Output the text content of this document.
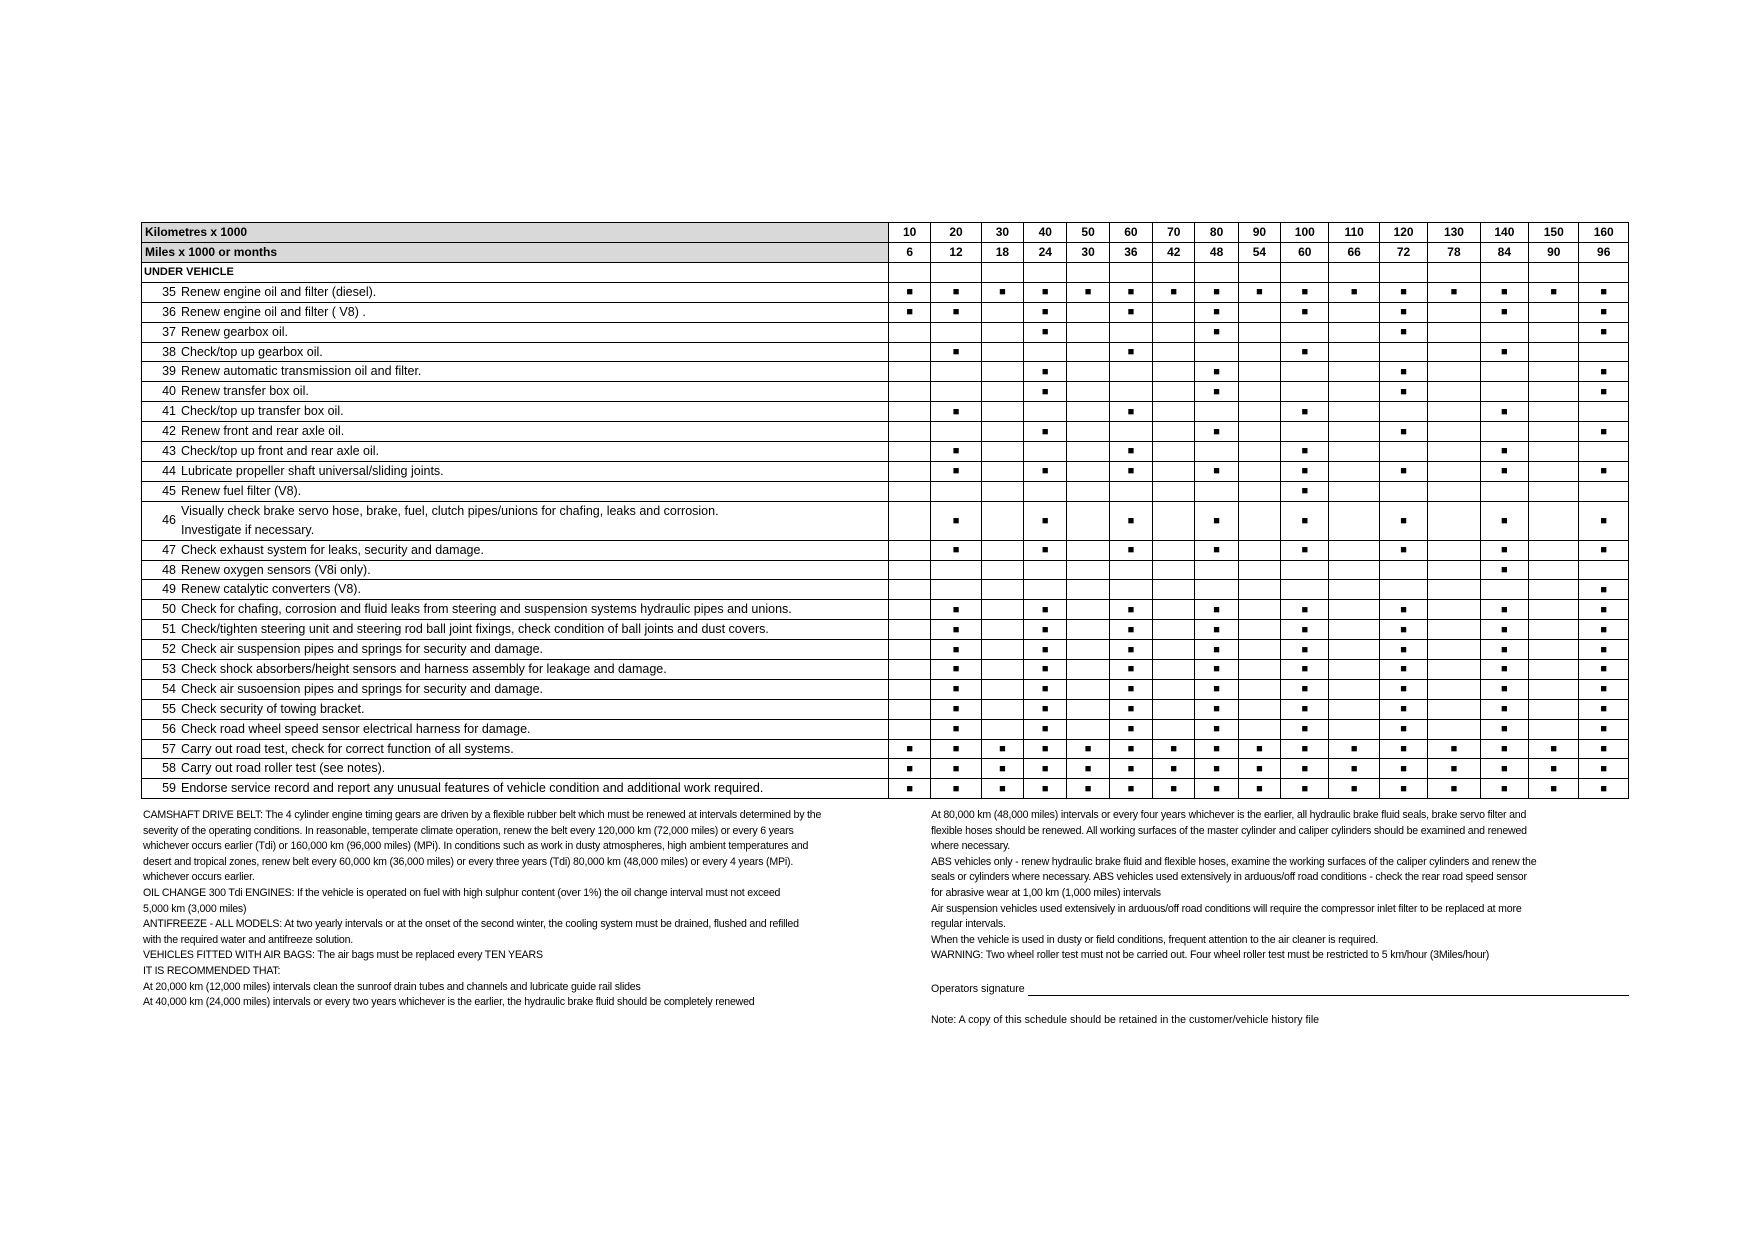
Kilometres x 1000	10	20	30	40	50	60	70	80	90	100	110	120	130	140	150	160
Miles x 1000 or months	6	12	18	24	30	36	42	48	54	60	66	72	78	84	90	96
UNDER VEHICLE																

35 Renew engine oil and filter (diesel).	■	■	■	■	■	■	■	■	■	■	■	■	■	■	■	■

36 Renew engine oil and filter ( V8) .	■	■		■		■		■		■		■		■		■

37 Renew gearbox oil.				■				■				■				■

38 Check/top up gearbox oil.		■				■				■				■		

39 Renew automatic transmission oil and filter.				■				■				■				■

40 Renew transfer box oil.				■				■				■				■

41 Check/top up transfer box oil.		■				■				■				■		

42 Renew front and rear axle oil.				■				■				■				■

43 Check/top up front and rear axle oil.		■				■				■				■		

44 Lubricate propeller shaft universal/sliding joints.		■		■		■		■		■		■		■		■

45 Renew fuel filter (V8).										■						

46
Visually check brake servo hose, brake, fuel, clutch pipes/unions for chafing, leaks and corrosion.
Investigate if necessary.		■		■		■		■		■		■		■		■

47 Check exhaust system for leaks, security and damage.		■		■		■		■		■		■		■		■

48 Renew oxygen sensors (V8i only).														■		

49 Renew catalytic converters (V8).																■

50 Check for chafing, corrosion and fluid leaks from steering and suspension systems hydraulic pipes and unions.		■		■		■		■		■		■		■		■

51 Check/tighten steering unit and steering rod ball joint fixings, check condition of ball joints and dust covers.		■		■		■		■		■		■		■		■

52 Check air suspension pipes and springs for security and damage.		■		■		■		■		■		■		■		■

53 Check shock absorbers/height sensors and harness assembly for leakage and damage.		■		■		■		■		■		■		■		■

54 Check air susoension pipes and springs for security and damage.		■		■		■		■		■		■		■		■

55 Check security of towing bracket.		■		■		■		■		■		■		■		■

56 Check road wheel speed sensor electrical harness for damage.		■		■		■		■		■		■		■		■

57 Carry out road test, check for correct function of all systems.	■	■	■	■	■	■	■	■	■	■	■	■	■	■	■	■

58 Carry out road roller test (see notes).	■	■	■	■	■	■	■	■	■	■	■	■	■	■	■	■

59 Endorse service record and report any unusual features of vehicle condition and additional work required.	■	■	■	■	■	■	■	■	■	■	■	■	■	■	■	■

CAMSHAFT DRIVE BELT: The 4 cylinder engine timing gears are driven by a flexible rubber belt which must be renewed at intervals determined by the

severity of the operating conditions. In reasonable, temperate climate operation, renew the belt every 120,000 km (72,000 miles) or every 6 years

whichever occurs earlier (Tdi) or 160,000 km (96,000 miles) (MPi). In conditions such as work in dusty atmospheres, high ambient temperatures and

desert and tropical zones, renew belt every 60,000 km (36,000 miles) or every three years (Tdi) 80,000 km (48,000 miles) or every 4 years (MPi).

whichever occurs earlier.

OIL CHANGE 300 Tdi ENGINES: If the vehicle is operated on fuel with high sulphur content (over 1%) the oil change interval must not exceed

5,000 km (3,000 miles)

ANTIFREEZE - ALL MODELS: At two yearly intervals or at the onset of the second winter, the cooling system must be drained, flushed and refilled

with the required water and antifreeze solution.

VEHICLES FITTED WITH AIR BAGS: The air bags must be replaced every TEN YEARS

IT IS RECOMMENDED THAT:

At 20,000 km (12,000 miles) intervals clean the sunroof drain tubes and channels and lubricate guide rail slides

At 40,000 km (24,000 miles) intervals or every two years whichever is the earlier, the hydraulic brake fluid should be completely renewed

At 80,000 km (48,000 miles) intervals or every four years whichever is the earlier, all hydraulic brake fluid seals, brake servo filter and

flexible hoses should be renewed. All working surfaces of the master cylinder and caliper cylinders should be examined and renewed

where necessary.

ABS vehicles only - renew hydraulic brake fluid and flexible hoses, examine the working surfaces of the caliper cylinders and renew the

seals or cylinders where necessary. ABS vehicles used extensively in arduous/off road conditions - check the rear road speed sensor

for abrasive wear at 1,00 km (1,000 miles) intervals

Air suspension vehicles used extensively in arduous/off road conditions will require the compressor inlet filter to be replaced at more

regular intervals.

When the vehicle is used in dusty or field conditions, frequent attention to the air cleaner is required.

WARNING: Two wheel roller test must not be carried out. Four wheel roller test must be restricted to 5 km/hour (3Miles/hour)

Operators signature
Note: A copy of this schedule should be retained in the customer/vehicle history file
